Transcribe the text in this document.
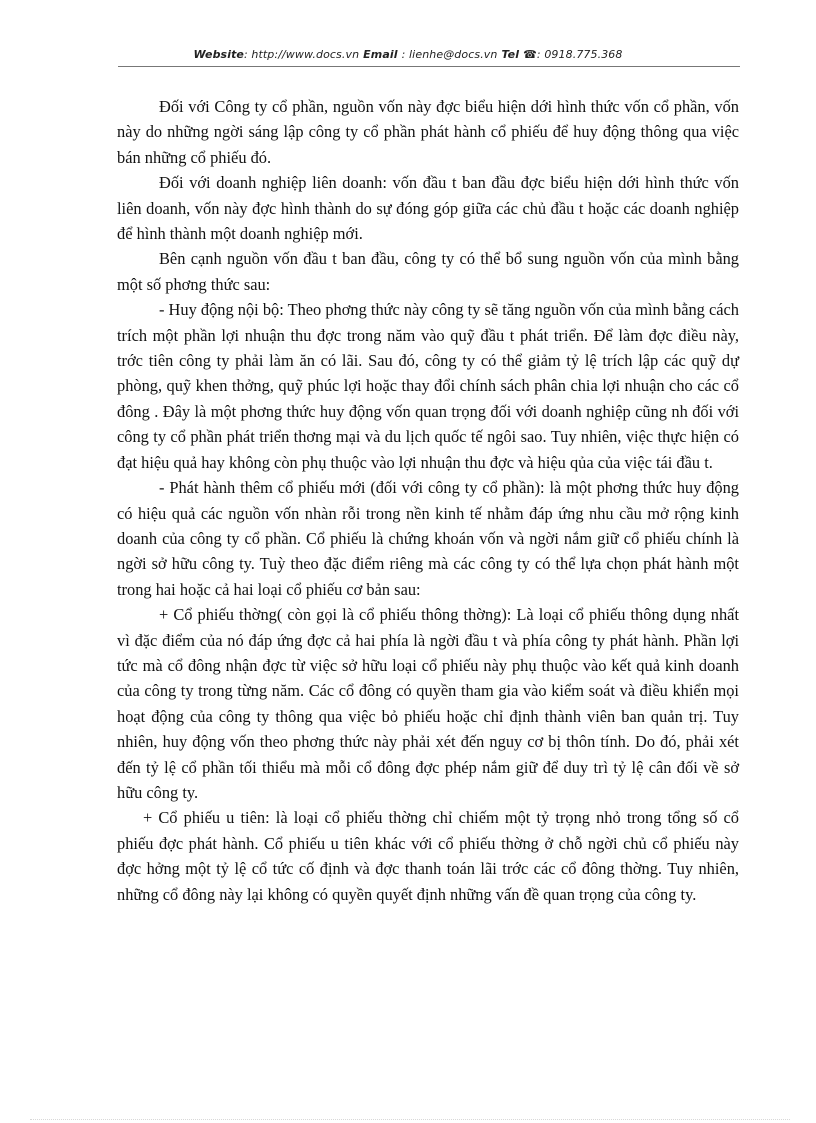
Website: http://www.docs.vn Email : lienhe@docs.vn Tel ☎: 0918.775.368

Đối với Công ty cổ phần, nguồn vốn này đợc biểu hiện dới hình thức vốn cổ phần, vốn này do những ngời sáng lập công ty cổ phần phát hành cổ phiếu để huy động thông qua việc bán những cổ phiếu đó.

Đối với doanh nghiệp liên doanh: vốn đầu t ban đầu đợc biểu hiện dới hình thức vốn liên doanh, vốn này đợc hình thành do sự đóng góp giữa các chủ đầu t hoặc các doanh nghiệp để hình thành một doanh nghiệp mới.

Bên cạnh nguồn vốn đầu t ban đầu, công ty có thể bổ sung nguồn vốn của mình bằng một số phơng thức sau:

- Huy động nội bộ: Theo phơng thức này công ty sẽ tăng nguồn vốn của mình bằng cách trích một phần lợi nhuận thu đợc trong năm vào quỹ đầu t phát triển. Để làm đợc điều này, trớc tiên công ty phải làm ăn có lãi. Sau đó, công ty có thể giảm tỷ lệ trích lập các quỹ dự phòng, quỹ khen thởng, quỹ phúc lợi hoặc thay đổi chính sách phân chia lợi nhuận cho các cổ đông . Đây là một phơng thức huy động vốn quan trọng đối với doanh nghiệp cũng nh đối với công ty cổ phần phát triển thơng mại và du lịch quốc tế ngôi sao. Tuy nhiên, việc thực hiện có đạt hiệu quả hay không còn phụ thuộc vào lợi nhuận thu đợc và hiệu qủa của việc tái đầu t.

- Phát hành thêm cổ phiếu mới (đối với công ty cổ phần): là một phơng thức huy động có hiệu quả các nguồn vốn nhàn rỗi trong nền kinh tế nhằm đáp ứng nhu cầu mở rộng kinh doanh của công ty cổ phần. Cổ phiếu là chứng khoán vốn và ngời nắm giữ cổ phiếu chính là ngời sở hữu công ty. Tuỳ theo đặc điểm riêng mà các công ty có thể lựa chọn phát hành một trong hai hoặc cả hai loại cổ phiếu cơ bản sau:

+ Cổ phiếu thờng( còn gọi là cổ phiếu thông thờng): Là loại cổ phiếu thông dụng nhất vì đặc điểm của nó đáp ứng đợc cả hai phía là ngời đầu t và phía công ty phát hành. Phần lợi tức mà cổ đông nhận đợc từ việc sở hữu loại cổ phiếu này phụ thuộc vào kết quả kinh doanh của công ty trong từng năm. Các cổ đông có quyền tham gia vào kiểm soát và điều khiển mọi hoạt động của công ty thông qua việc bỏ phiếu hoặc chỉ định thành viên ban quản trị. Tuy nhiên, huy động vốn theo phơng thức này phải xét đến nguy cơ bị thôn tính. Do đó, phải xét đến tỷ lệ cổ phần tối thiểu mà mỗi cổ đông đợc phép nắm giữ để duy trì tỷ lệ cân đối về sở hữu công ty.

+ Cổ phiếu u tiên: là loại cổ phiếu thờng chỉ chiếm một tỷ trọng nhỏ trong tổng số cổ phiếu đợc phát hành. Cổ phiếu u tiên khác với cổ phiếu thờng ở chỗ ngời chủ cổ phiếu này đợc hởng một tỷ lệ cổ tức cố định và đợc thanh toán lãi trớc các cổ đông thờng. Tuy nhiên, những cổ đông này lại không có quyền quyết định những vấn đề quan trọng của công ty.
